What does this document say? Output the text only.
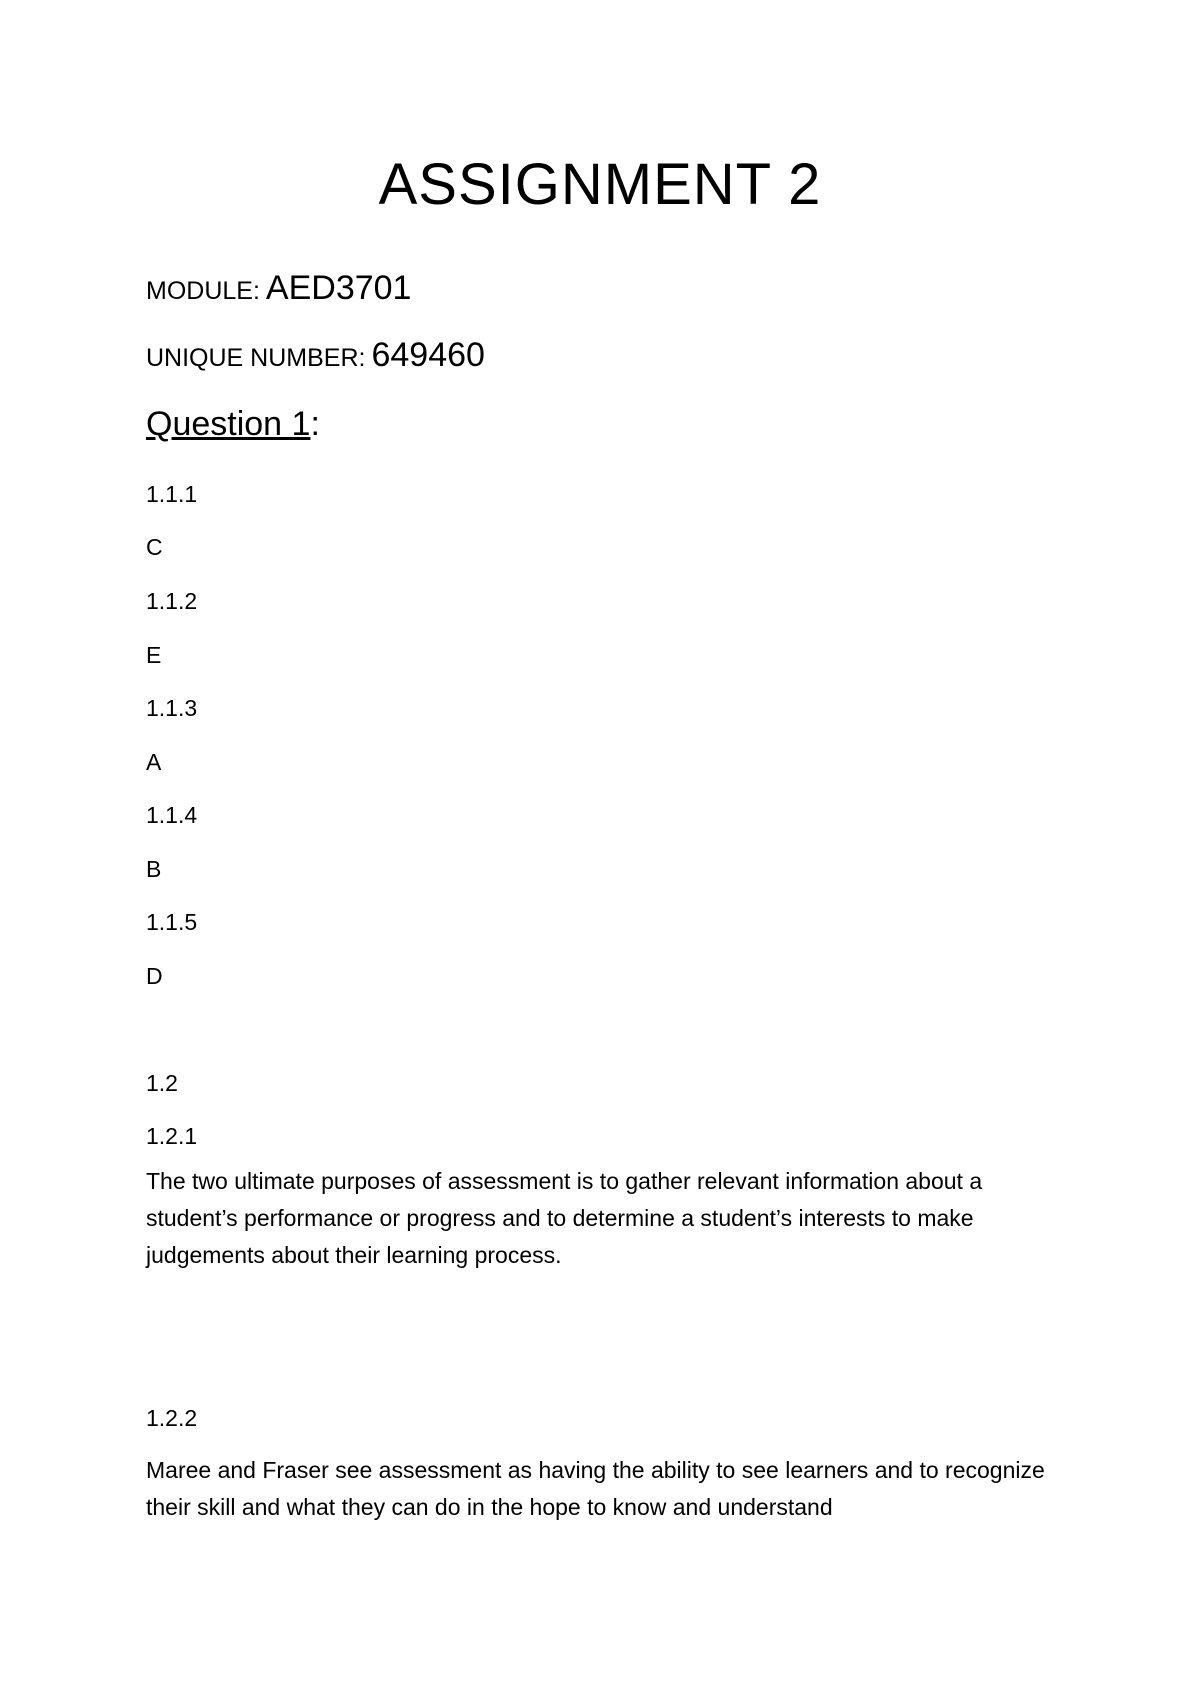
ASSIGNMENT 2
MODULE: AED3701
UNIQUE NUMBER: 649460
Question 1:
1.1.1
C
1.1.2
E
1.1.3
A
1.1.4
B
1.1.5
D
1.2
1.2.1
The two ultimate purposes of assessment is to gather relevant information about a student’s performance or progress and to determine a student’s interests to make judgements about their learning process.
1.2.2
Maree and Fraser see assessment as having the ability to see learners and to recognize their skill and what they can do in the hope to know and understand
